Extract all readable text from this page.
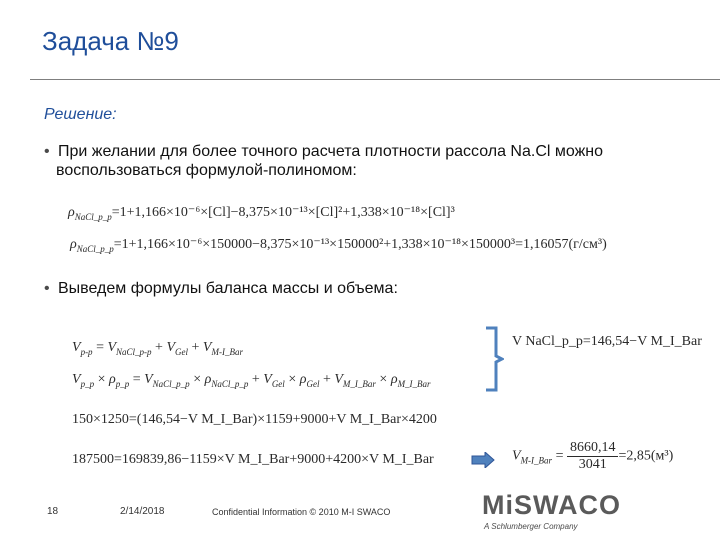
Задача №9
Решение:
• При желании для более точного расчета плотности рассола Na.Cl можно
воспользоваться формулой-полиномом:
$\rho_{NaCl\_p\_p}=1+1,166\times 10^{-6}\times[Cl]-8,375\times 10^{-13}\times[Cl]^2+1,338\times 10^{-18}\times[Cl]^3$
$\rho_{NaCl\_p\_p}=1+1,166\times 10^{-6}\times 150000-8,375\times 10^{-13}\times 150000^2+1,338\times 10^{-18}\times 150000^3=1,16057(г/см^3)$
• Выведем формулы баланса массы и объема:
$V_{p-p} = V_{NaCl\_p-p} + V_{Gel} + V_{M-I\_Bar}$
$V_{p\_p} \times \rho_{p\_p} = V_{NaCl\_p\_p} \times \rho_{NaCl\_p\_p} + V_{Gel} \times \rho_{Gel} + V_{M\_I\_Bar} \times \rho_{M\_I\_Bar}$
150×1250=(146,54−V M_I_Bar)×1159+9000+V M_I_Bar×4200
187500=169839,86−1159×V M_I_Bar+9000+4200×V M_I_Bar
V NaCl_p_p=146,54−V M_I_Bar
$V_{M-I\_Bar} = \frac{8660,14}{3041} =2,85(м^3)$
18	2/14/2018	Confidential Information © 2010 M-I SWACO	MiSWACO
A Schlumberger Company
